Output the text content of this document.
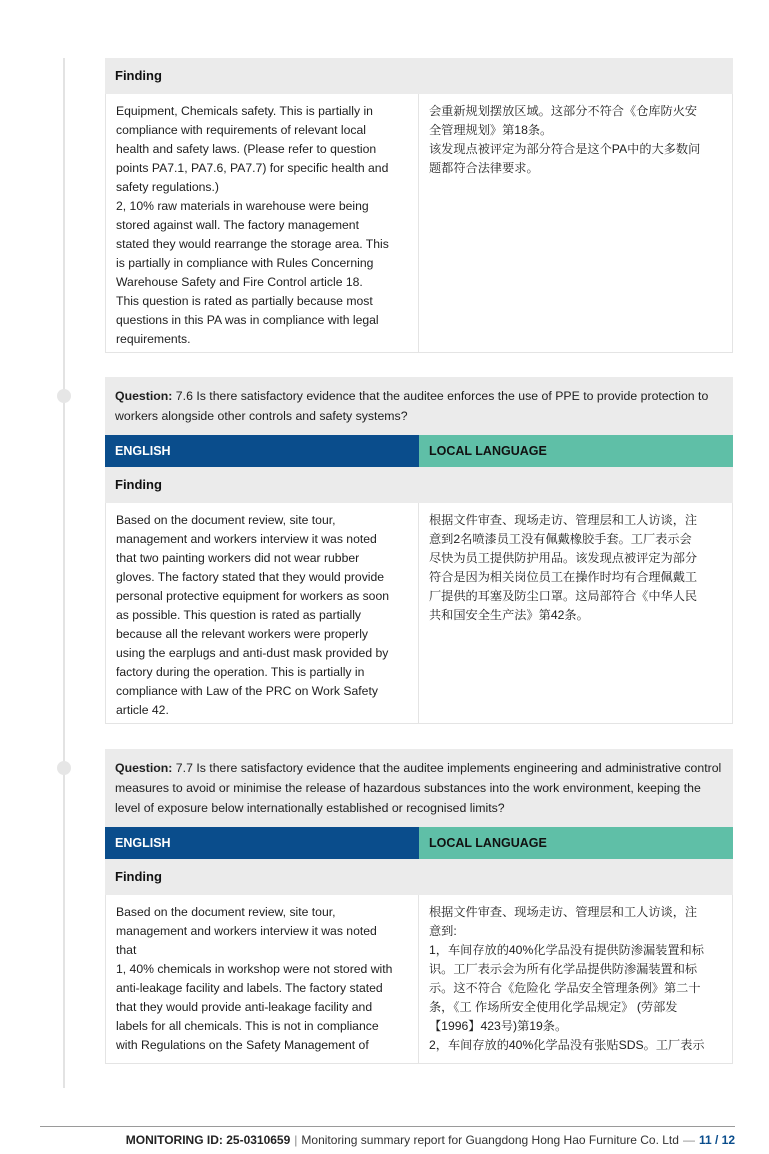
Finding

Equipment, Chemicals safety. This is partially in
compliance with requirements of relevant local
health and safety laws. (Please refer to question
points PA7.1, PA7.6, PA7.7) for specific health and
safety regulations.)
2, 10% raw materials in warehouse were being
stored against wall. The factory management
stated they would rearrange the storage area. This
is partially in compliance with Rules Concerning
Warehouse Safety and Fire Control article 18.
This question is rated as partially because most
questions in this PA was in compliance with legal
requirements.

会重新规划摆放区域。这部分不符合《仓库防火安
全管理规划》第18条。
该发现点被评定为部分符合是这个PA中的大多数问
题都符合法律要求。

Question: 7.6 Is there satisfactory evidence that the auditee enforces the use of PPE to provide protection to workers alongside other controls and safety systems?
ENGLISH	LOCAL LANGUAGE
Finding

Based on the document review, site tour,
management and workers interview it was noted
that two painting workers did not wear rubber
gloves. The factory stated that they would provide
personal protective equipment for workers as soon
as possible. This question is rated as partially
because all the relevant workers were properly
using the earplugs and anti-dust mask provided by
factory during the operation. This is partially in
compliance with Law of the PRC on Work Safety
article 42.

根据文件审查、现场走访、管理层和工人访谈，注
意到2名喷漆员工没有佩戴橡胶手套。工厂表示会
尽快为员工提供防护用品。该发现点被评定为部分
符合是因为相关岗位员工在操作时均有合理佩戴工
厂提供的耳塞及防尘口罩。这局部符合《中华人民
共和国安全生产法》第42条。

Question: 7.7 Is there satisfactory evidence that the auditee implements engineering and administrative control measures to avoid or minimise the release of hazardous substances into the work environment, keeping the level of exposure below internationally established or recognised limits?
ENGLISH	LOCAL LANGUAGE
Finding

Based on the document review, site tour,
management and workers interview it was noted
that
1, 40% chemicals in workshop were not stored with
anti-leakage facility and labels. The factory stated
that they would provide anti-leakage facility and
labels for all chemicals. This is not in compliance
with Regulations on the Safety Management of

根据文件审查、现场走访、管理层和工人访谈，注
意到:
1，车间存放的40%化学品没有提供防渗漏装置和标
识。工厂表示会为所有化学品提供防渗漏装置和标
示。这不符合《危险化 学品安全管理条例》第二十
条，《工 作场所安全使用化学品规定》 (劳部发
【1996】423号)第19条。
2，车间存放的40%化学品没有张贴SDS。工厂表示

MONITORING ID: 25-0310659 | Monitoring summary report for Guangdong Hong Hao Furniture Co. Ltd — 11 / 12
